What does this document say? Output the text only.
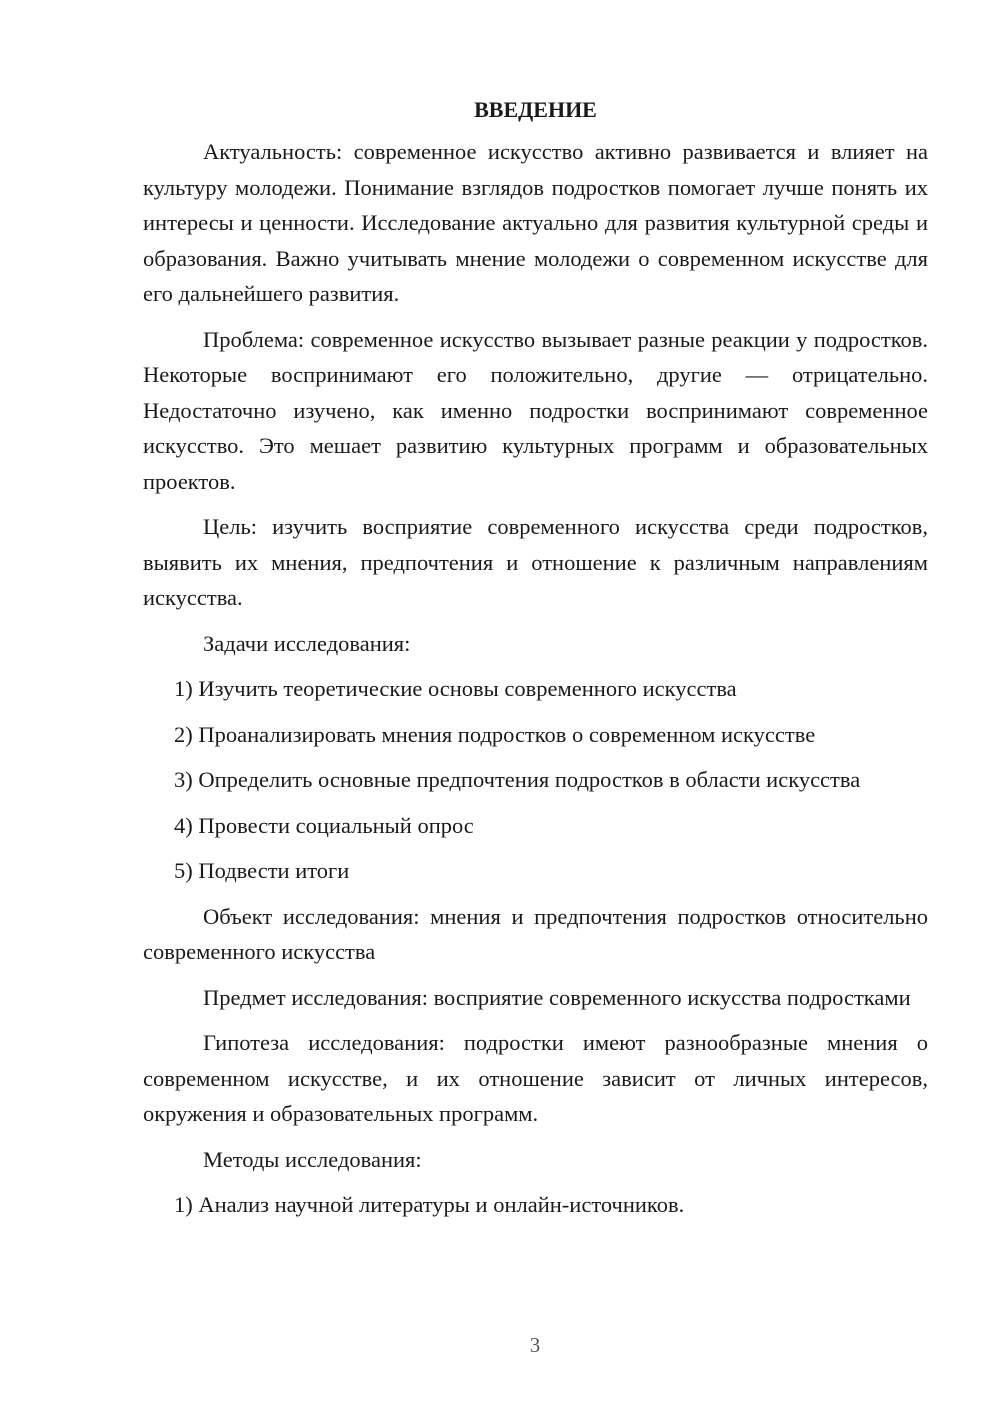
ВВЕДЕНИЕ

Актуальность: современное искусство активно развивается и влияет на культуру молодежи. Понимание взглядов подростков помогает лучше понять их интересы и ценности. Исследование актуально для развития культурной среды и образования. Важно учитывать мнение молодежи о современном искусстве для его дальнейшего развития.

Проблема: современное искусство вызывает разные реакции у подростков. Некоторые воспринимают его положительно, другие — отрицательно. Недостаточно изучено, как именно подростки воспринимают современное искусство. Это мешает развитию культурных программ и образовательных проектов.

Цель: изучить восприятие современного искусства среди подростков, выявить их мнения, предпочтения и отношение к различным направлениям искусства.

Задачи исследования:

1) Изучить теоретические основы современного искусства

2) Проанализировать мнения подростков о современном искусстве

3) Определить основные предпочтения подростков в области искусства

4) Провести социальный опрос

5) Подвести итоги

Объект исследования: мнения и предпочтения подростков относительно современного искусства

Предмет исследования: восприятие современного искусства подростками

Гипотеза исследования: подростки имеют разнообразные мнения о современном искусстве, и их отношение зависит от личных интересов, окружения и образовательных программ.

Методы исследования:

1) Анализ научной литературы и онлайн-источников.

3
